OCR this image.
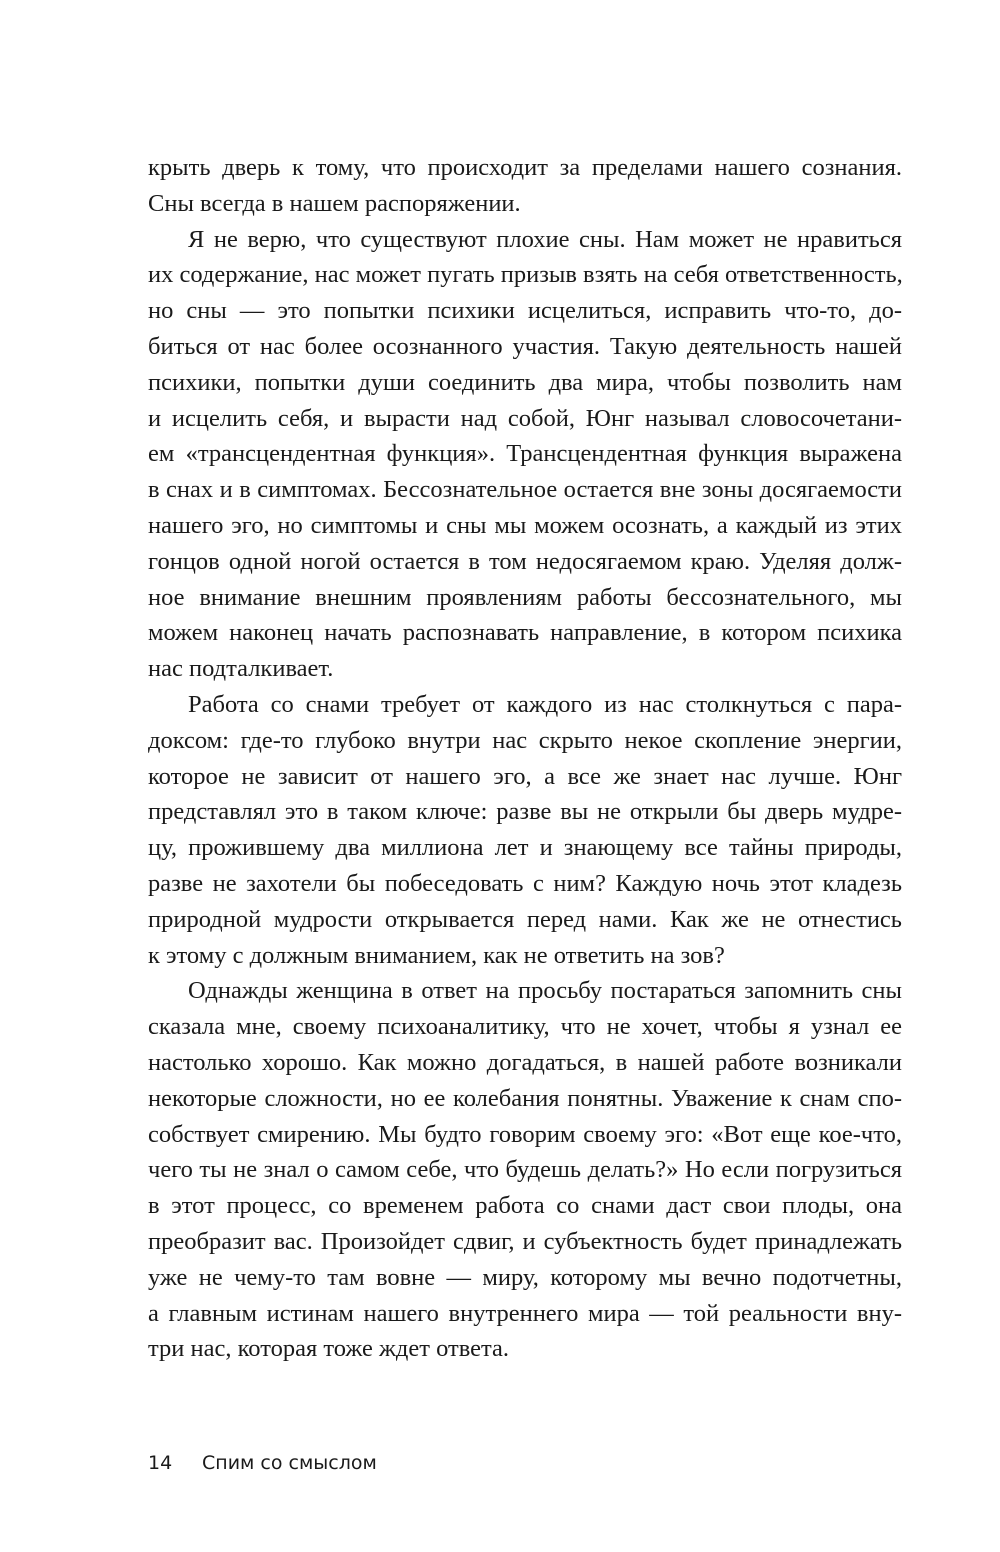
крыть дверь к тому, что происходит за пределами нашего сознания.
Сны всегда в нашем распоряжении.
Я не верю, что существуют плохие сны. Нам может не нравиться
их содержание, нас может пугать призыв взять на себя ответственность,
но сны — это попытки психики исцелиться, исправить что-то, до-
биться от нас более осознанного участия. Такую деятельность нашей
психики, попытки души соединить два мира, чтобы позволить нам
и исцелить себя, и вырасти над собой, Юнг называл словосочетани-
ем «трансцендентная функция». Трансцендентная функция выражена
в снах и в симптомах. Бессознательное остается вне зоны досягаемости
нашего эго, но симптомы и сны мы можем осознать, а каждый из этих
гонцов одной ногой остается в том недосягаемом краю. Уделяя долж-
ное внимание внешним проявлениям работы бессознательного, мы
можем наконец начать распознавать направление, в котором психика
нас подталкивает.
Работа со снами требует от каждого из нас столкнуться с пара-
доксом: где-то глубоко внутри нас скрыто некое скопление энергии,
которое не зависит от нашего эго, а все же знает нас лучше. Юнг
представлял это в таком ключе: разве вы не открыли бы дверь мудре-
цу, прожившему два миллиона лет и знающему все тайны природы,
разве не захотели бы побеседовать с ним? Каждую ночь этот кладезь
природной мудрости открывается перед нами. Как же не отнестись
к этому с должным вниманием, как не ответить на зов?
Однажды женщина в ответ на просьбу постараться запомнить сны
сказала мне, своему психоаналитику, что не хочет, чтобы я узнал ее
настолько хорошо. Как можно догадаться, в нашей работе возникали
некоторые сложности, но ее колебания понятны. Уважение к снам спо-
собствует смирению. Мы будто говорим своему эго: «Вот еще кое-что,
чего ты не знал о самом себе, что будешь делать?» Но если погрузиться
в этот процесс, со временем работа со снами даст свои плоды, она
преобразит вас. Произойдет сдвиг, и субъектность будет принадлежать
уже не чему-то там вовне — миру, которому мы вечно подотчетны,
а главным истинам нашего внутреннего мира — той реальности вну-
три нас, которая тоже ждет ответа.
14 Спим со смыслом
